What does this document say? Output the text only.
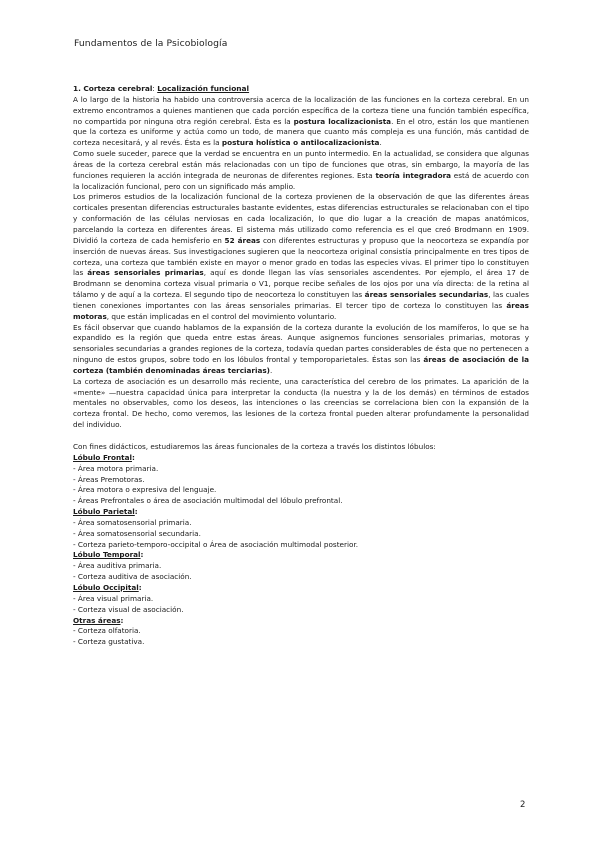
Fundamentos de la Psicobiología

1. Corteza cerebral: Localización funcional

A lo largo de la historia ha habido una controversia acerca de la localización de las funciones en la corteza cerebral. En un extremo encontramos a quienes mantienen que cada porción específica de la corteza tiene una función también específica, no compartida por ninguna otra región cerebral. Ésta es la postura localizacionista. En el otro, están los que mantienen que la corteza es uniforme y actúa como un todo, de manera que cuanto más compleja es una función, más cantidad de corteza necesitará, y al revés. Ésta es la postura holística o antilocalizacionista.

Como suele suceder, parece que la verdad se encuentra en un punto intermedio. En la actualidad, se considera que algunas áreas de la corteza cerebral están más relacionadas con un tipo de funciones que otras, sin embargo, la mayoría de las funciones requieren la acción integrada de neuronas de diferentes regiones. Esta teoría integradora está de acuerdo con la localización funcional, pero con un significado más amplio.

Los primeros estudios de la localización funcional de la corteza provienen de la observación de que las diferentes áreas corticales presentan diferencias estructurales bastante evidentes, estas diferencias estructurales se relacionaban con el tipo y conformación de las células nerviosas en cada localización, lo que dio lugar a la creación de mapas anatómicos, parcelando la corteza en diferentes áreas. El sistema más utilizado como referencia es el que creó Brodmann en 1909. Dividió la corteza de cada hemisferio en 52 áreas con diferentes estructuras y propuso que la neocorteza se expandía por inserción de nuevas áreas. Sus investigaciones sugieren que la neocorteza original consistía principalmente en tres tipos de corteza, una corteza que también existe en mayor o menor grado en todas las especies vivas. El primer tipo lo constituyen las áreas sensoriales primarias, aquí es donde llegan las vías sensoriales ascendentes. Por ejemplo, el área 17 de Brodmann se denomina corteza visual primaria o V1, porque recibe señales de los ojos por una vía directa: de la retina al tálamo y de aquí a la corteza. El segundo tipo de neocorteza lo constituyen las áreas sensoriales secundarias, las cuales tienen conexiones importantes con las áreas sensoriales primarias. El tercer tipo de corteza lo constituyen las áreas motoras, que están implicadas en el control del movimiento voluntario.

Es fácil observar que cuando hablamos de la expansión de la corteza durante la evolución de los mamíferos, lo que se ha expandido es la región que queda entre estas áreas. Aunque asignemos funciones sensoriales primarias, motoras y sensoriales secundarias a grandes regiones de la corteza, todavía quedan partes considerables de ésta que no pertenecen a ninguno de estos grupos, sobre todo en los lóbulos frontal y temporoparietales. Éstas son las áreas de asociación de la corteza (también denominadas áreas terciarias).

La corteza de asociación es un desarrollo más reciente, una característica del cerebro de los primates. La aparición de la «mente» —nuestra capacidad única para interpretar la conducta (la nuestra y la de los demás) en términos de estados mentales no observables, como los deseos, las intenciones o las creencias se correlaciona bien con la expansión de la corteza frontal. De hecho, como veremos, las lesiones de la corteza frontal pueden alterar profundamente la personalidad del individuo.

Con fines didácticos, estudiaremos las áreas funcionales de la corteza a través los distintos lóbulos:

Lóbulo Frontal:

- Área motora primaria.

- Áreas Premotoras.

- Área motora o expresiva del lenguaje.

- Áreas Prefrontales o área de asociación multimodal del lóbulo prefrontal.

Lóbulo Parietal:

- Área somatosensorial primaria.

- Área somatosensorial secundaria.

- Corteza parieto-temporo-occipital o Área de asociación multimodal posterior.

Lóbulo Temporal:

- Área auditiva primaria.

- Corteza auditiva de asociación.

Lóbulo Occipital:

- Área visual primaria.

- Corteza visual de asociación.

Otras áreas:

- Corteza olfatoria.

- Corteza gustativa.

2
